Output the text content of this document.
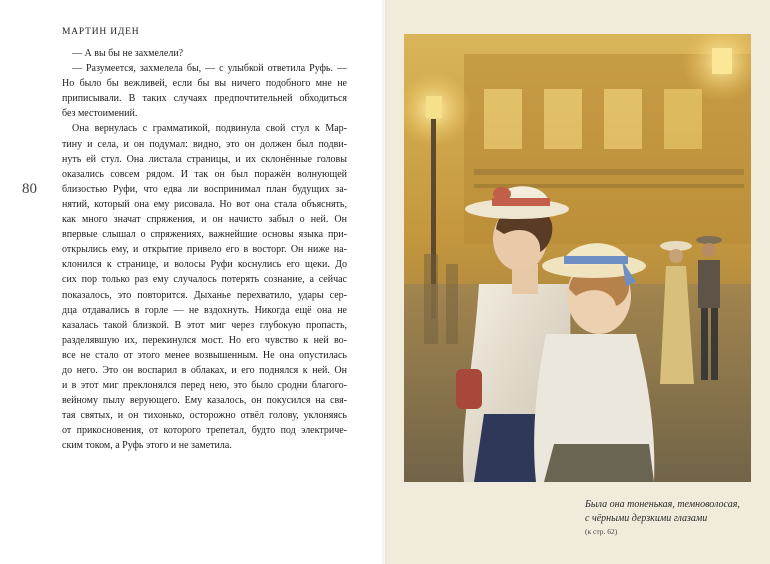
МАРТИН ИДЕН
80
— А вы бы не захмелели?
— Разумеется, захмелела бы, — с улыбкой ответила Руфь. —
Но было бы вежливей, если бы вы ничего подобного мне не
приписывали. В таких случаях предпочтительней обходиться
без местоимений.
Она вернулась с грамматикой, подвинула свой стул к Мар-
тину и села, и он подумал: видно, это он должен был подви-
нуть ей стул. Она листала страницы, и их склонённые головы
оказались совсем рядом. И так он был поражён волнующей
близостью Руфи, что едва ли воспринимал план будущих за-
нятий, который она ему рисовала. Но вот она стала объяснять,
как много значат спряжения, и он начисто забыл о ней. Он
впервые слышал о спряжениях, важнейшие основы языка при-
открылись ему, и открытие привело его в восторг. Он ниже на-
клонился к странице, и волосы Руфи коснулись его щеки. До
сих пор только раз ему случалось потерять сознание, а сейчас
показалось, это повторится. Дыханье перехватило, удары сер-
дца отдавались в горле — не вздохнуть. Никогда ещё она не
казалась такой близкой. В этот миг через глубокую пропасть,
разделявшую их, перекинулся мост. Но его чувство к ней во-
все не стало от этого менее возвышенным. Не она опустилась
до него. Это он воспарил в облаках, и его поднялся к ней. Он
и в этот миг преклонялся перед нею, это было сродни благого-
вейному пылу верующего. Ему казалось, он покусился на свя-
тая святых, и он тихонько, осторожно отвёл голову, уклоняясь
от прикосновения, от которого трепетал, будто под электриче-
ским током, а Руфь этого и не заметила.
Была она тоненькая, темноволосая,
с чёрными дерзкими глазами
(к стр. 62)
